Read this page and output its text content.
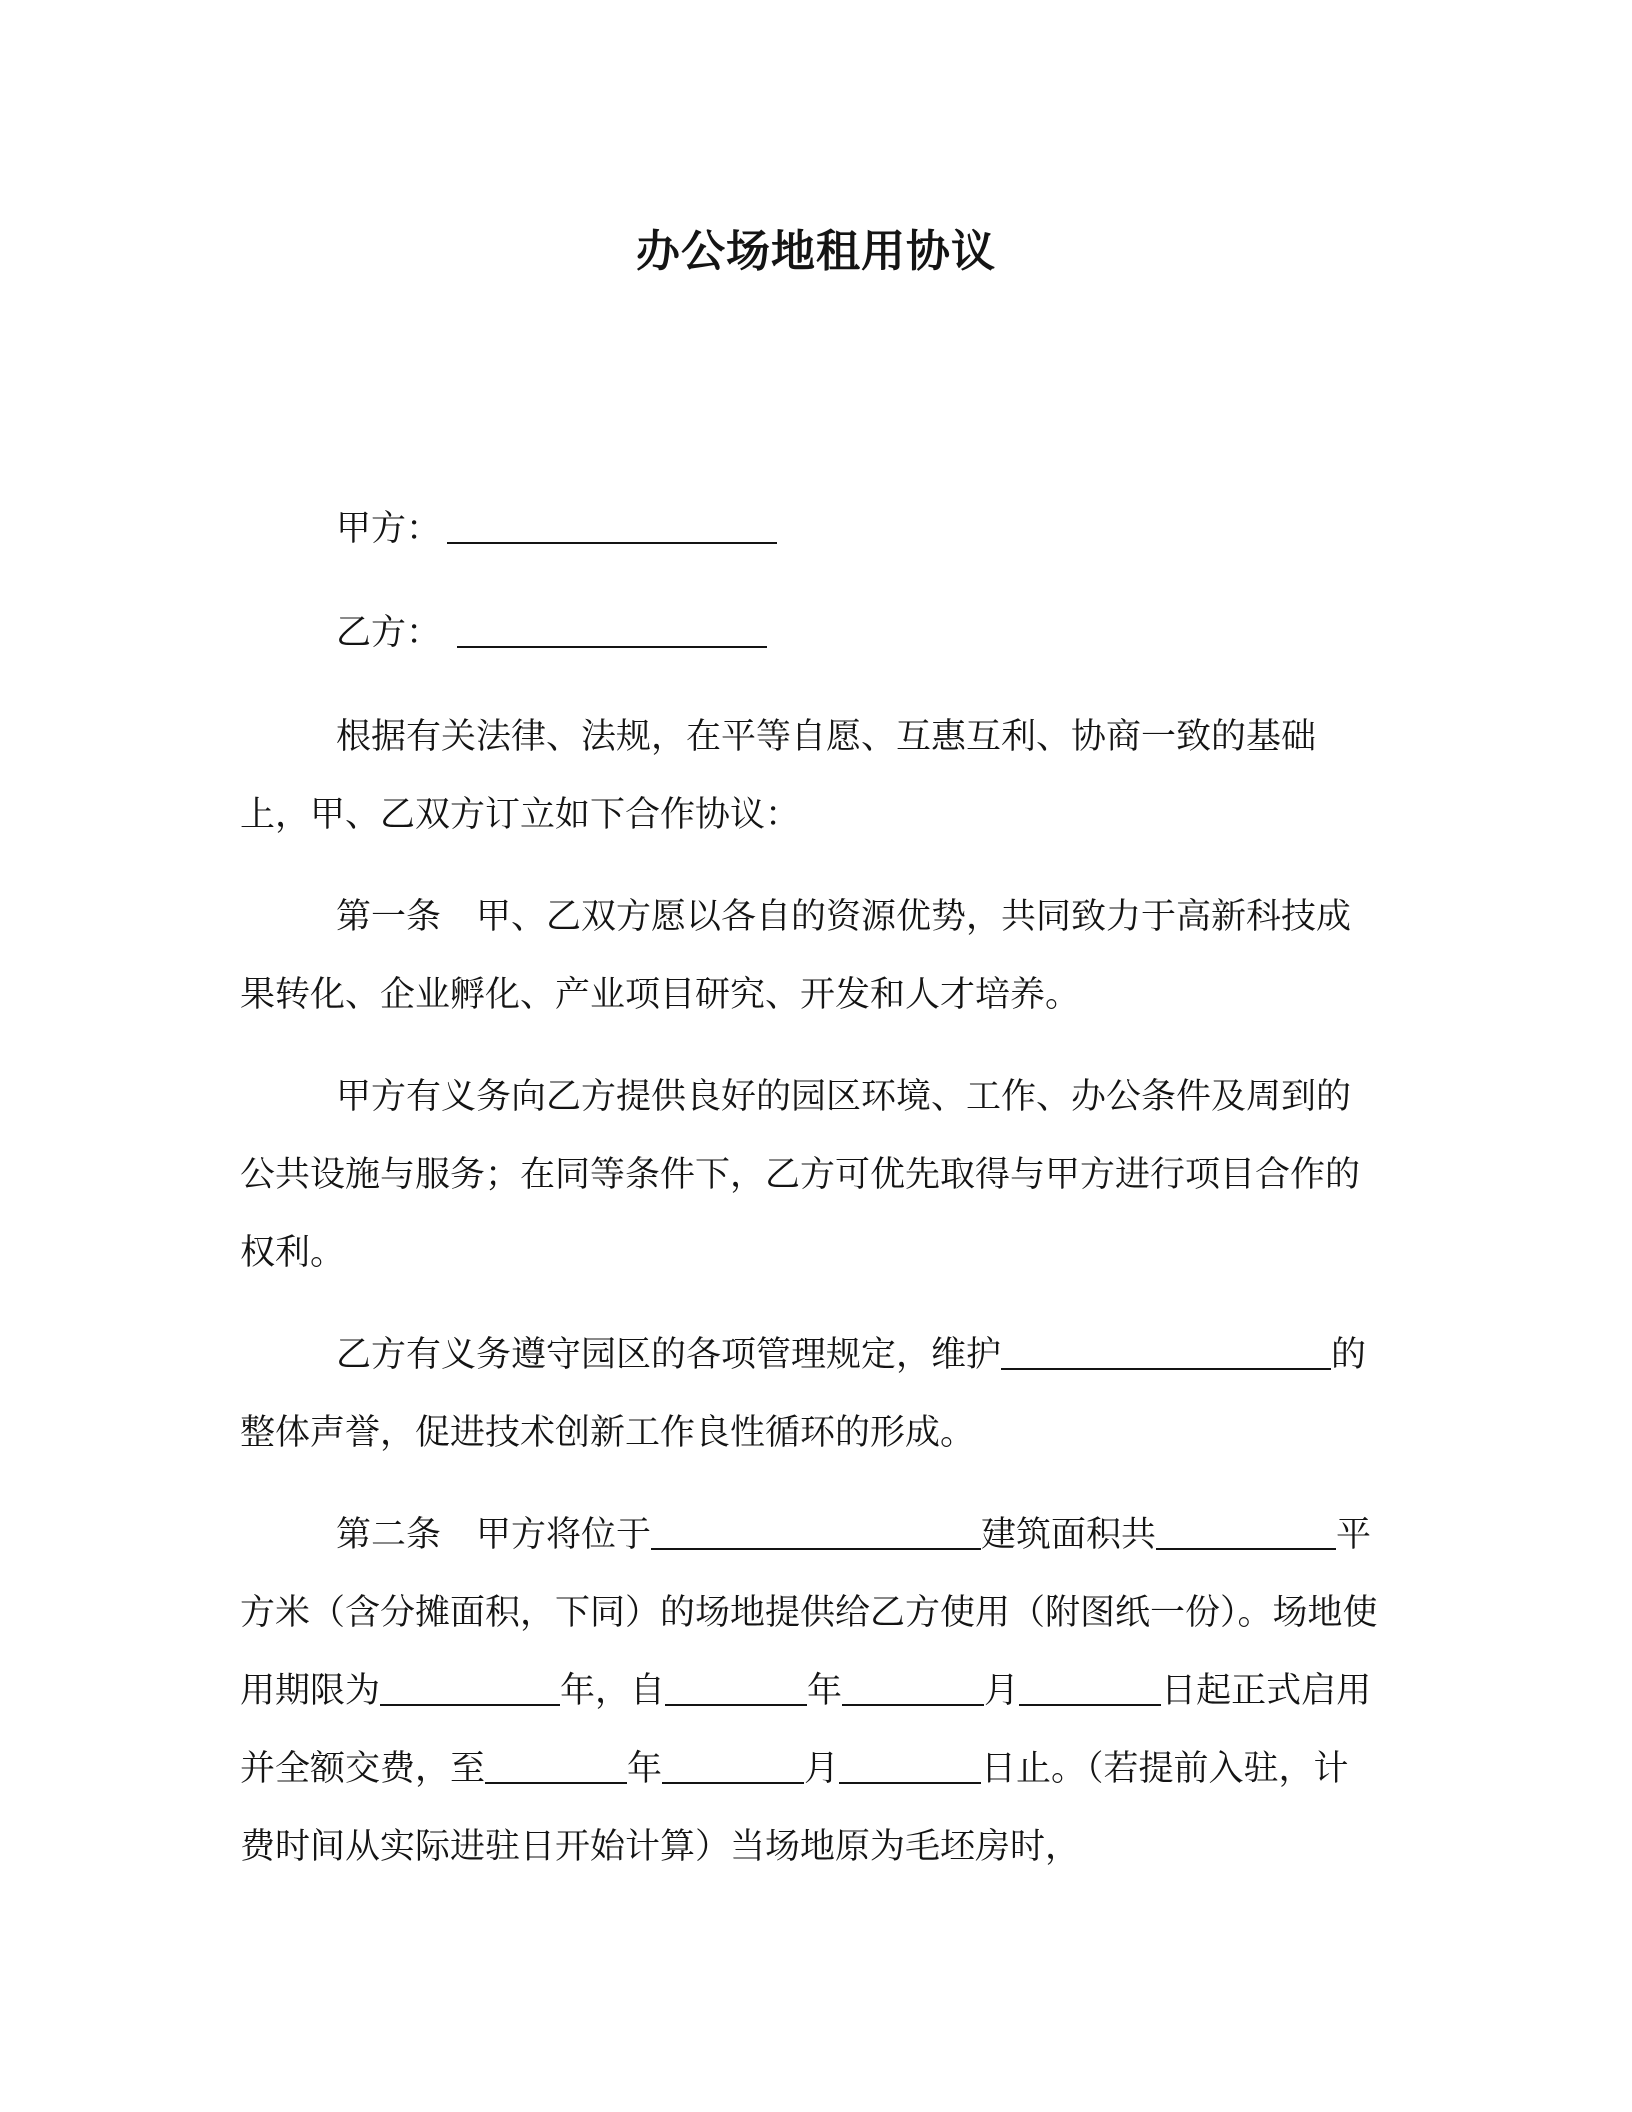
办公场地租用协议

甲方：

乙方：

根据有关法律、法规，在平等自愿、互惠互利、协商一致的基础上，甲、乙双方订立如下合作协议：

第一条　甲、乙双方愿以各自的资源优势，共同致力于高新科技成果转化、企业孵化、产业项目研究、开发和人才培养。

甲方有义务向乙方提供良好的园区环境、工作、办公条件及周到的公共设施与服务；在同等条件下，乙方可优先取得与甲方进行项目合作的权利。

乙方有义务遵守园区的各项管理规定，维护	的整体声誉，促进技术创新工作良性循环的形成。

第二条　甲方将位于	建筑面积共	平方米（含分摊面积，下同）的场地提供给乙方使用（附图纸一份）。场地使用期限为	年，自	年	月	日起正式启用并全额交费，至	年	月	日止。（若提前入驻，计费时间从实际进驻日开始计算）当场地原为毛坯房时，
